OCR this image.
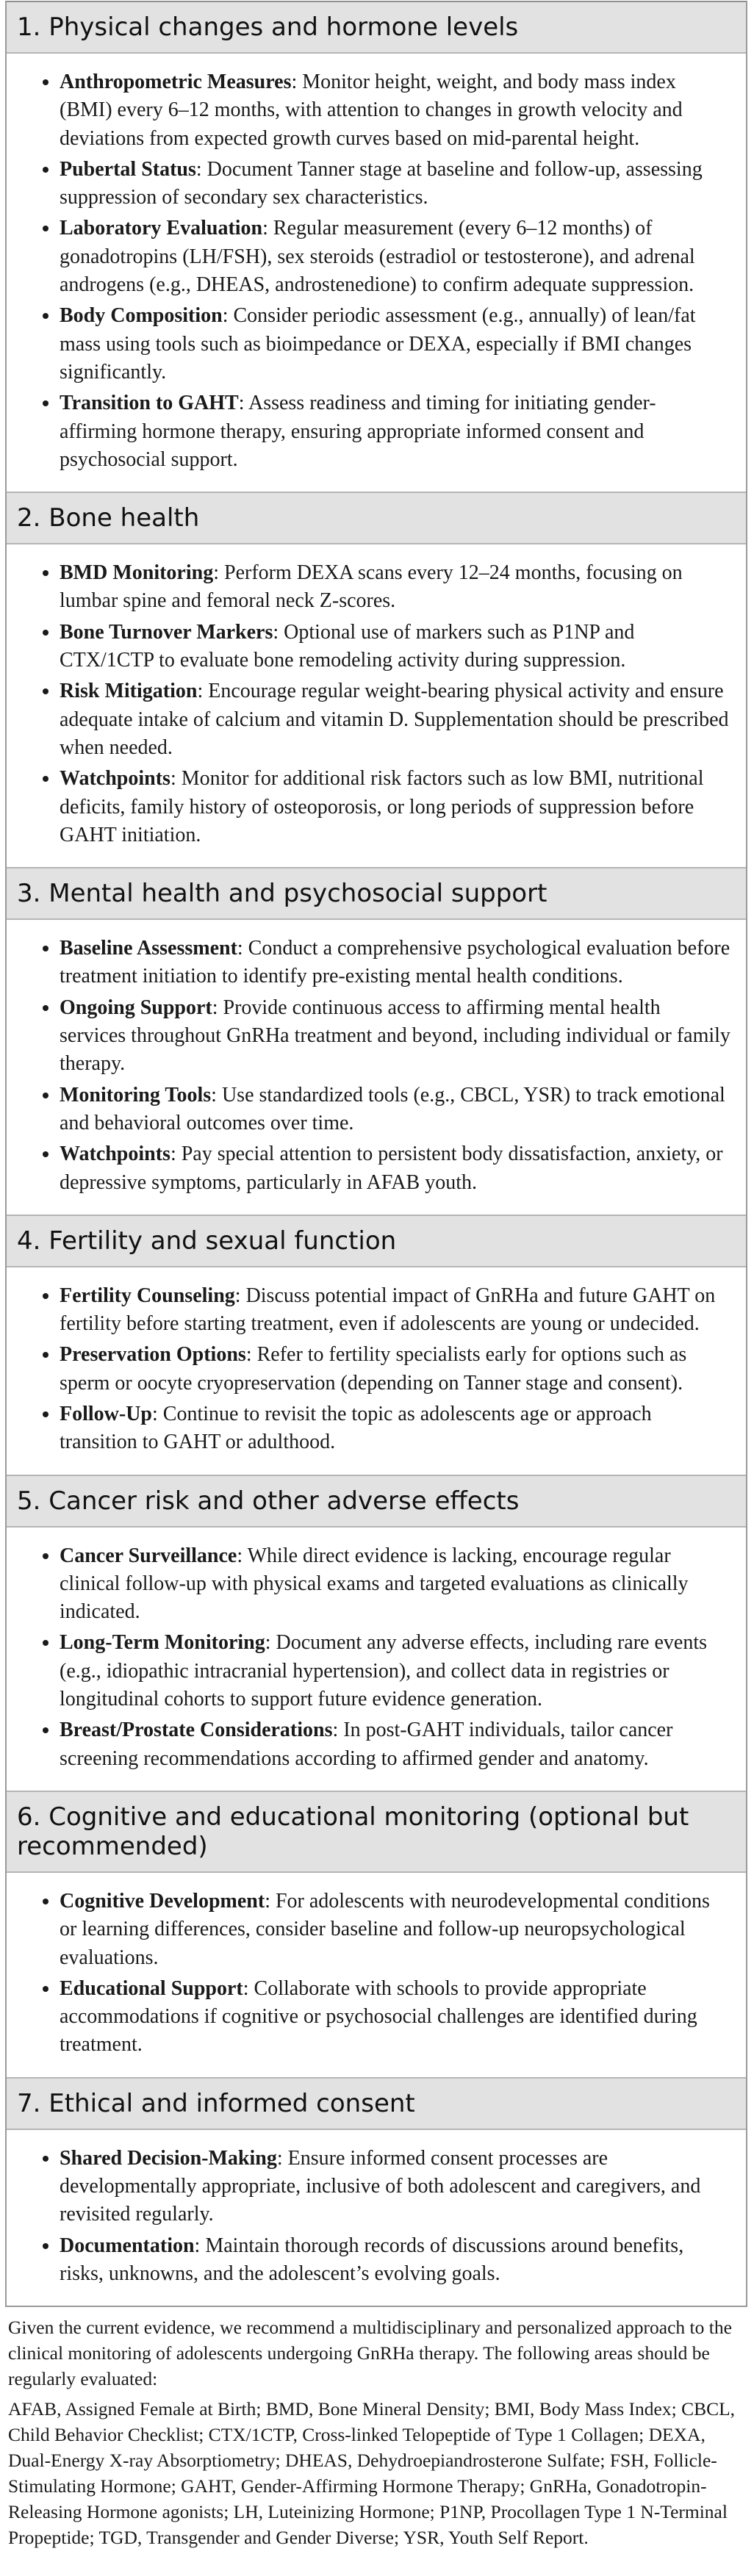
1. Physical changes and hormone levels
• Anthropometric Measures: Monitor height, weight, and body mass index (BMI) every 6–12 months, with attention to changes in growth velocity and deviations from expected growth curves based on mid-parental height.
• Pubertal Status: Document Tanner stage at baseline and follow-up, assessing suppression of secondary sex characteristics.
• Laboratory Evaluation: Regular measurement (every 6–12 months) of gonadotropins (LH/FSH), sex steroids (estradiol or testosterone), and adrenal androgens (e.g., DHEAS, androstenedione) to confirm adequate suppression.
• Body Composition: Consider periodic assessment (e.g., annually) of lean/fat mass using tools such as bioimpedance or DEXA, especially if BMI changes significantly.
• Transition to GAHT: Assess readiness and timing for initiating gender-affirming hormone therapy, ensuring appropriate informed consent and psychosocial support.
2. Bone health
• BMD Monitoring: Perform DEXA scans every 12–24 months, focusing on lumbar spine and femoral neck Z-scores.
• Bone Turnover Markers: Optional use of markers such as P1NP and CTX/1CTP to evaluate bone remodeling activity during suppression.
• Risk Mitigation: Encourage regular weight-bearing physical activity and ensure adequate intake of calcium and vitamin D. Supplementation should be prescribed when needed.
• Watchpoints: Monitor for additional risk factors such as low BMI, nutritional deficits, family history of osteoporosis, or long periods of suppression before GAHT initiation.
3. Mental health and psychosocial support
• Baseline Assessment: Conduct a comprehensive psychological evaluation before treatment initiation to identify pre-existing mental health conditions.
• Ongoing Support: Provide continuous access to affirming mental health services throughout GnRHa treatment and beyond, including individual or family therapy.
• Monitoring Tools: Use standardized tools (e.g., CBCL, YSR) to track emotional and behavioral outcomes over time.
• Watchpoints: Pay special attention to persistent body dissatisfaction, anxiety, or depressive symptoms, particularly in AFAB youth.
4. Fertility and sexual function
• Fertility Counseling: Discuss potential impact of GnRHa and future GAHT on fertility before starting treatment, even if adolescents are young or undecided.
• Preservation Options: Refer to fertility specialists early for options such as sperm or oocyte cryopreservation (depending on Tanner stage and consent).
• Follow-Up: Continue to revisit the topic as adolescents age or approach transition to GAHT or adulthood.
5. Cancer risk and other adverse effects
• Cancer Surveillance: While direct evidence is lacking, encourage regular clinical follow-up with physical exams and targeted evaluations as clinically indicated.
• Long-Term Monitoring: Document any adverse effects, including rare events (e.g., idiopathic intracranial hypertension), and collect data in registries or longitudinal cohorts to support future evidence generation.
• Breast/Prostate Considerations: In post-GAHT individuals, tailor cancer screening recommendations according to affirmed gender and anatomy.
6. Cognitive and educational monitoring (optional but recommended)
• Cognitive Development: For adolescents with neurodevelopmental conditions or learning differences, consider baseline and follow-up neuropsychological evaluations.
• Educational Support: Collaborate with schools to provide appropriate accommodations if cognitive or psychosocial challenges are identified during treatment.
7. Ethical and informed consent
• Shared Decision-Making: Ensure informed consent processes are developmentally appropriate, inclusive of both adolescent and caregivers, and revisited regularly.
• Documentation: Maintain thorough records of discussions around benefits, risks, unknowns, and the adolescent’s evolving goals.

Given the current evidence, we recommend a multidisciplinary and personalized approach to the clinical monitoring of adolescents undergoing GnRHa therapy. The following areas should be regularly evaluated:

AFAB, Assigned Female at Birth; BMD, Bone Mineral Density; BMI, Body Mass Index; CBCL, Child Behavior Checklist; CTX/1CTP, Cross-linked Telopeptide of Type 1 Collagen; DEXA, Dual-Energy X-ray Absorptiometry; DHEAS, Dehydroepiandrosterone Sulfate; FSH, Follicle-Stimulating Hormone; GAHT, Gender-Affirming Hormone Therapy; GnRHa, Gonadotropin-Releasing Hormone agonists; LH, Luteinizing Hormone; P1NP, Procollagen Type 1 N-Terminal Propeptide; TGD, Transgender and Gender Diverse; YSR, Youth Self Report.
